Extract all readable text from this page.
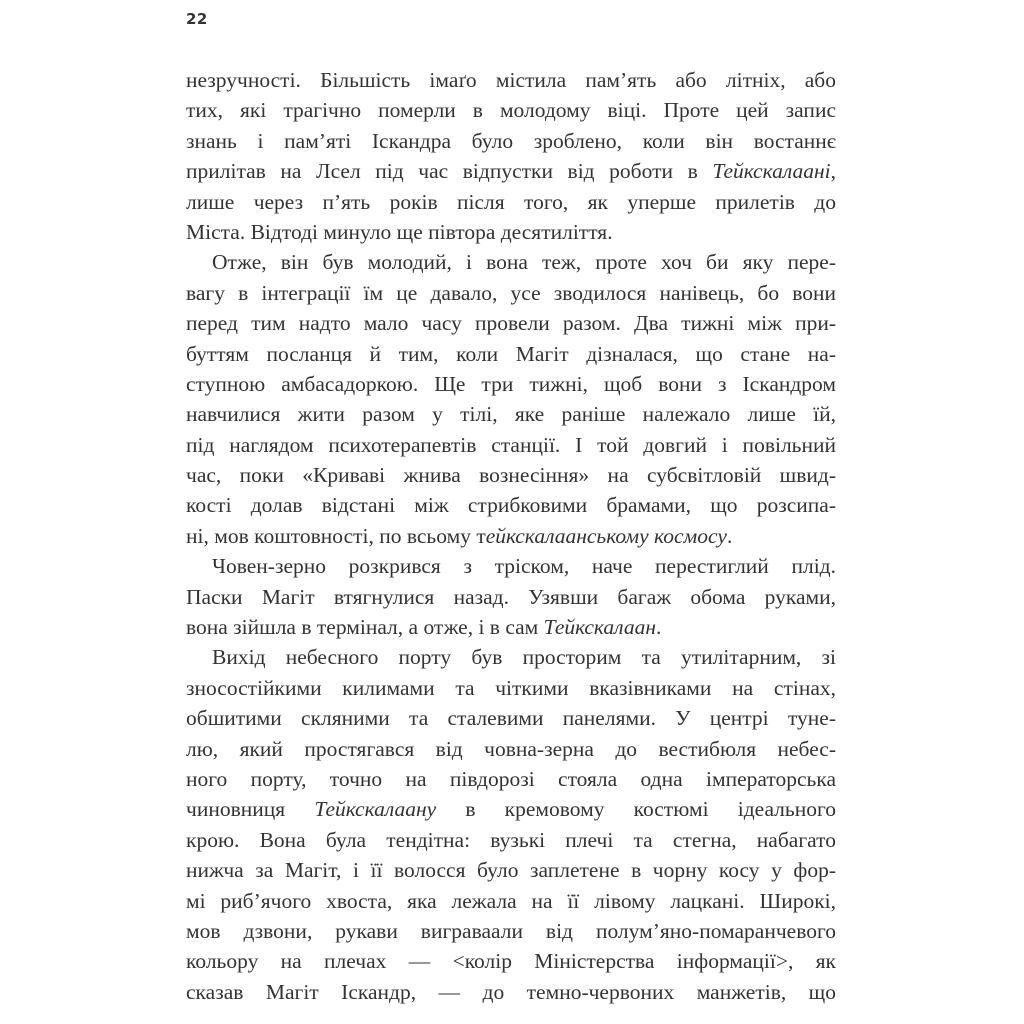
22
незручності. Більшість імаґо містила пам’ять або літніх, або
тих, які трагічно померли в молодому віці. Проте цей запис
знань і пам’яті Іскандра було зроблено, коли він востаннє
прилітав на Лсел під час відпустки від роботи в Тейкскалаані,
лише через п’ять років після того, як уперше прилетів до
Міста. Відтоді минуло ще півтора десятиліття.
Отже, він був молодий, і вона теж, проте хоч би яку пере-
вагу в інтеграції їм це давало, усе зводилося нанівець, бо вони
перед тим надто мало часу провели разом. Два тижні між при-
буттям посланця й тим, коли Магіт дізналася, що стане на-
ступною амбасадоркою. Ще три тижні, щоб вони з Іскандром
навчилися жити разом у тілі, яке раніше належало лише їй,
під наглядом психотерапевтів станції. І той довгий і повільний
час, поки «Криваві жнива вознесіння» на субсвітловій швид-
кості долав відстані між стрибковими брамами, що розсипа-
ні, мов коштовності, по всьому тейкскалаанському космосу.
Човен-зерно розкрився з тріском, наче перестиглий плід.
Паски Магіт втягнулися назад. Узявши багаж обома руками,
вона зійшла в термінал, а отже, і в сам Тейкскалаан.
Вихід небесного порту був просторим та утилітарним, зі
зносостійкими килимами та чіткими вказівниками на стінах,
обшитими скляними та сталевими панелями. У центрі туне-
лю, який простягався від човна-зерна до вестибюля небес-
ного порту, точно на півдорозі стояла одна імператорська
чиновниця Тейкскалаану в кремовому костюмі ідеального
крою. Вона була тендітна: вузькі плечі та стегна, набагато
нижча за Магіт, і її волосся було заплетене в чорну косу у фор-
мі риб’ячого хвоста, яка лежала на її лівому лацкані. Широкі,
мов дзвони, рукави виграваали від полум’яно-помаранчевого
кольору на плечах — <колір Міністерства інформації>, як
сказав Магіт Іскандр, — до темно-червоних манжетів, що
